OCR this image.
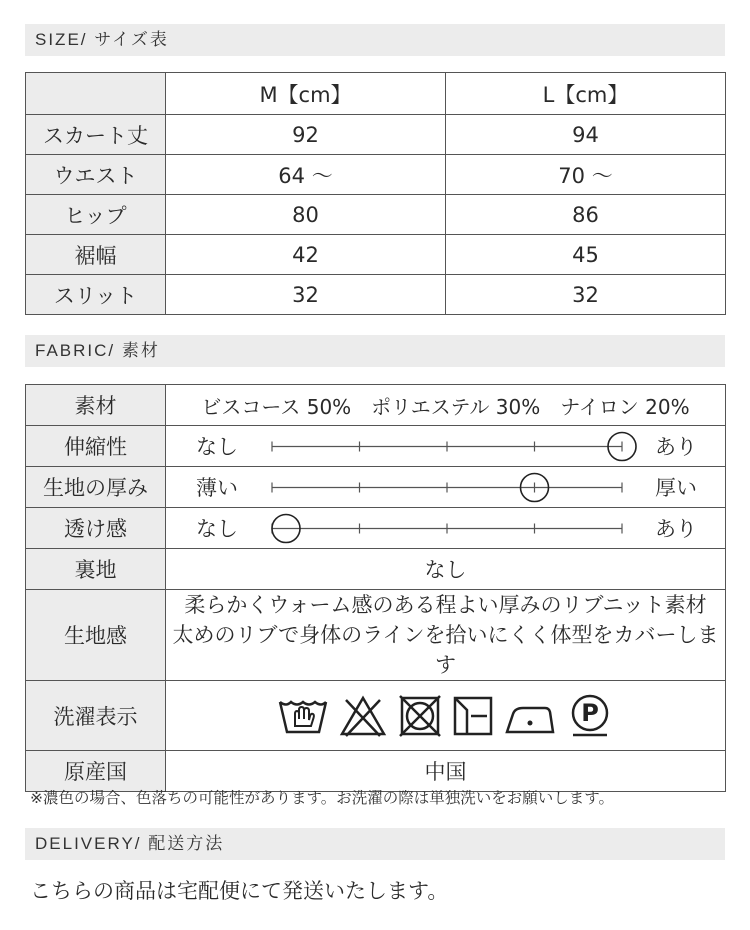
SIZE/ サイズ表
	M【cm】	L【cm】
スカート丈	92	94
ウエスト	64 〜	70 〜
ヒップ	80	86
裾幅	42	45
スリット	32	32
FABRIC/ 素材
素材	ビスコース 50%　ポリエステル 30%　ナイロン 20%
伸縮性	なし あり

生地の厚み	薄い 厚い

透け感	なし あり

裏地	なし
生地感	柔らかくウォーム感のある程よい厚みのリブニット素材
太めのリブで身体のラインを拾いにくく体型をカバーします

洗濯表示	P

原産国	中国
※濃色の場合、色落ちの可能性があります。お洗濯の際は単独洗いをお願いします。
DELIVERY/ 配送方法
こちらの商品は宅配便にて発送いたします。
